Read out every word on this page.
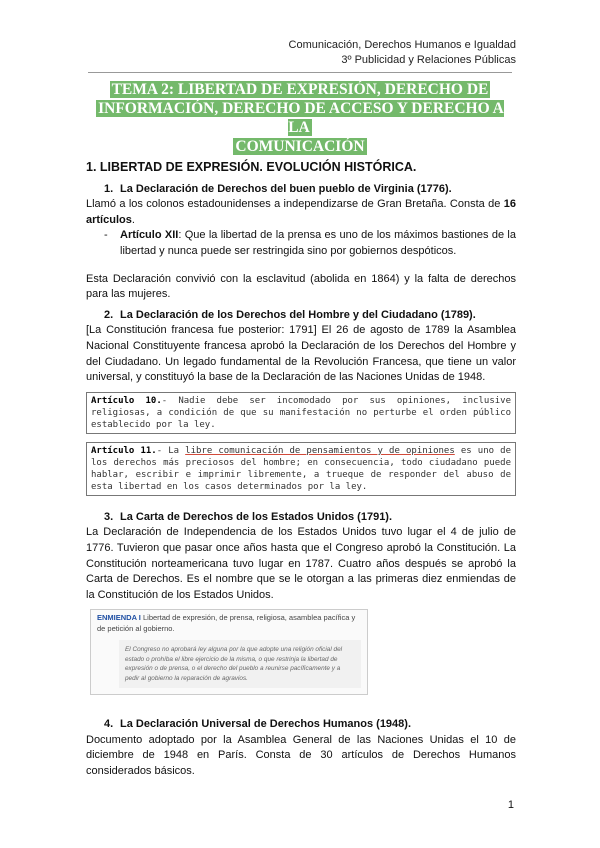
Comunicación, Derechos Humanos e Igualdad
3º Publicidad y Relaciones Públicas
TEMA 2: LIBERTAD DE EXPRESIÓN, DERECHO DE
INFORMACIÓN, DERECHO DE ACCESO Y DERECHO A LA
COMUNICACIÓN
1. LIBERTAD DE EXPRESIÓN. EVOLUCIÓN HISTÓRICA.
1. La Declaración de Derechos del buen pueblo de Virginia (1776).

Llamó a los colonos estadounidenses a independizarse de Gran Bretaña. Consta de 16 artículos.

-	Artículo XII: Que la libertad de la prensa es uno de los máximos bastiones de la libertad y nunca puede ser restringida sino por gobiernos despóticos.

Esta Declaración convivió con la esclavitud (abolida en 1864) y la falta de derechos para las mujeres.

2. La Declaración de los Derechos del Hombre y del Ciudadano (1789).

[La Constitución francesa fue posterior: 1791] El 26 de agosto de 1789 la Asamblea Nacional Constituyente francesa aprobó la Declaración de los Derechos del Hombre y del Ciudadano. Un legado fundamental de la Revolución Francesa, que tiene un valor universal, y constituyó la base de la Declaración de las Naciones Unidas de 1948.

Artículo 10.- Nadie debe ser incomodado por sus opiniones, inclusive religiosas, a condición de que su manifestación no perturbe el orden público establecido por la ley.
Artículo 11.- La libre comunicación de pensamientos y de opiniones es uno de los derechos más preciosos del hombre; en consecuencia, todo ciudadano puede hablar, escribir e imprimir libremente, a trueque de responder del abuso de esta libertad en los casos determinados por la ley.
3. La Carta de Derechos de los Estados Unidos (1791).

La Declaración de Independencia de los Estados Unidos tuvo lugar el 4 de julio de 1776. Tuvieron que pasar once años hasta que el Congreso aprobó la Constitución. La Constitución norteamericana tuvo lugar en 1787. Cuatro años después se aprobó la Carta de Derechos. Es el nombre que se le otorgan a las primeras diez enmiendas de la Constitución de los Estados Unidos.

ENMIENDA I Libertad de expresión, de prensa, religiosa, asamblea pacífica y de petición al gobierno.
El Congreso no aprobará ley alguna por la que adopte una religión oficial del estado o prohíba el libre ejercicio de la misma, o que restrinja la libertad de expresión o de prensa, o el derecho del pueblo a reunirse pacíficamente y a pedir al gobierno la reparación de agravios.
4. La Declaración Universal de Derechos Humanos (1948).

Documento adoptado por la Asamblea General de las Naciones Unidas el 10 de diciembre de 1948 en París. Consta de 30 artículos de Derechos Humanos considerados básicos.

1
